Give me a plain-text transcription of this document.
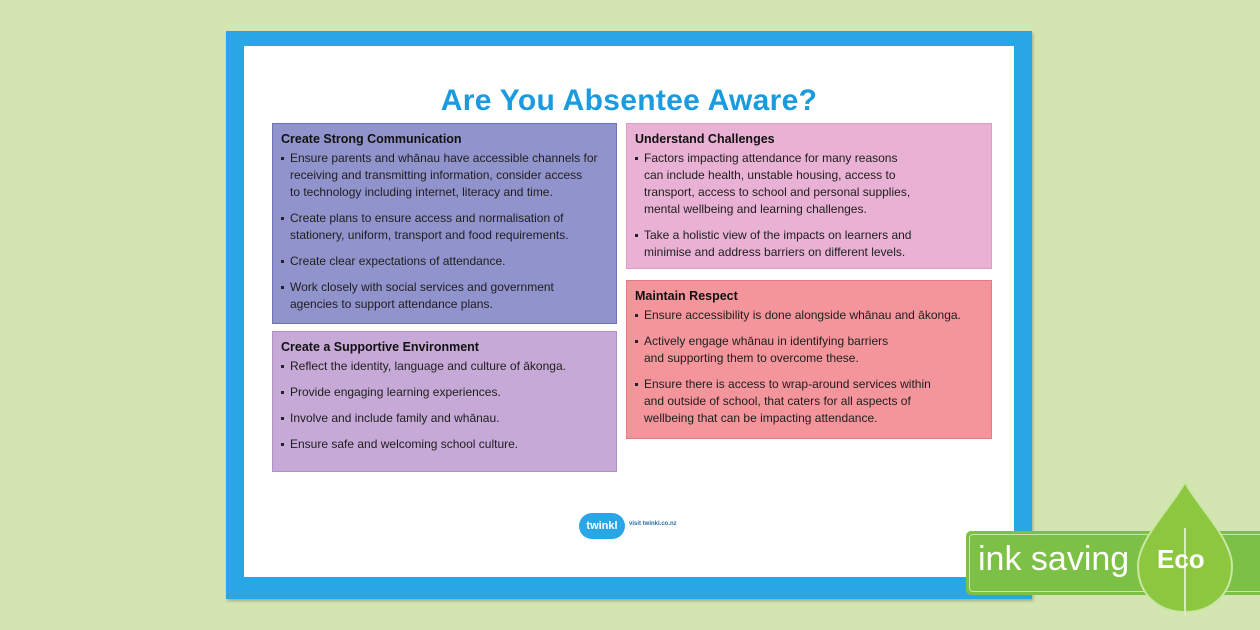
Are You Absentee Aware?
Create Strong Communication
Ensure parents and whānau have accessible channels for
receiving and transmitting information, consider access
to technology including internet, literacy and time.
Create plans to ensure access and normalisation of
stationery, uniform, transport and food requirements.
Create clear expectations of attendance.
Work closely with social services and government
agencies to support attendance plans.
Create a Supportive Environment
Reflect the identity, language and culture of ākonga.
Provide engaging learning experiences.
Involve and include family and whānau.
Ensure safe and welcoming school culture.
Understand Challenges
Factors impacting attendance for many reasons
can include health, unstable housing, access to
transport, access to school and personal supplies,
mental wellbeing and learning challenges.
Take a holistic view of the impacts on learners and
minimise and address barriers on different levels.
Maintain Respect
Ensure accessibility is done alongside whānau and ākonga.
Actively engage whānau in identifying barriers
and supporting them to overcome these.
Ensure there is access to wrap-around services within
and outside of school, that caters for all aspects of
wellbeing that can be impacting attendance.
twinkl	visit twinkl.co.nz
ink saving Eco
